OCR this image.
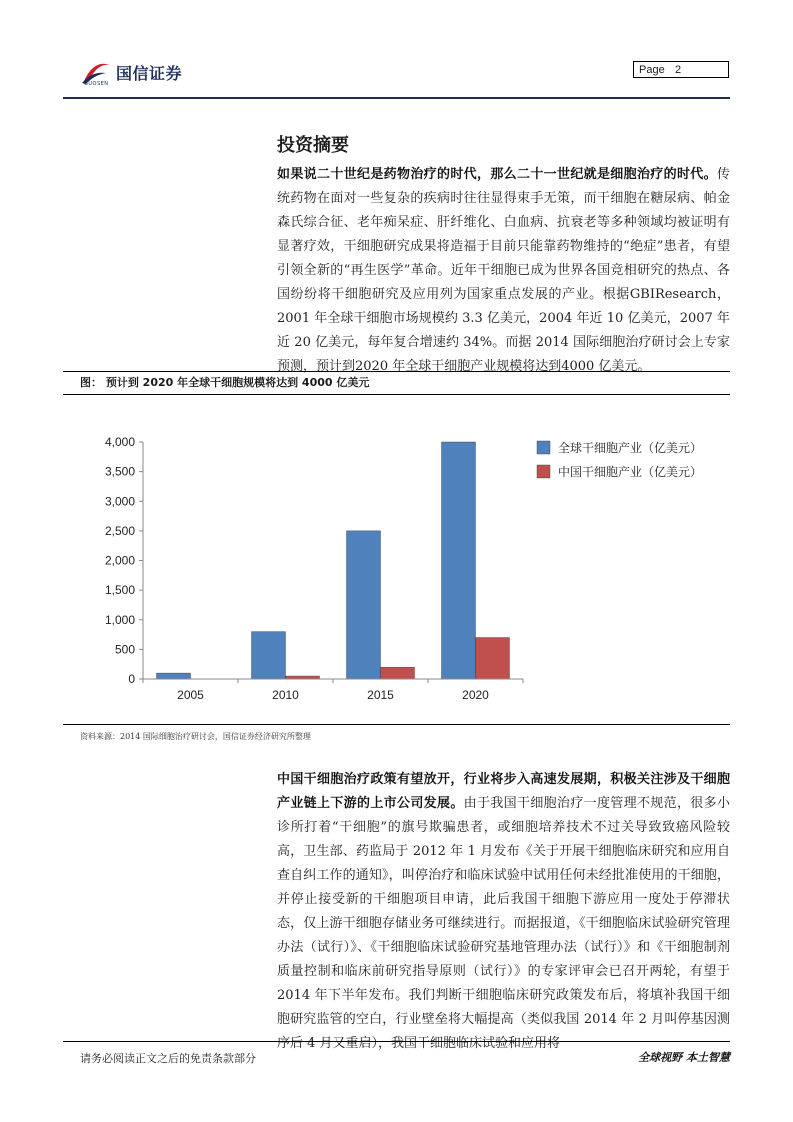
国信证券
GUOSEN
Page 2
投资摘要

如果说二十世纪是药物治疗的时代，那么二十一世纪就是细胞治疗的时代。传统药物在面对一些复杂的疾病时往往显得束手无策，而干细胞在糖尿病、帕金森氏综合征、老年痴呆症、肝纤维化、白血病、抗衰老等多种领域均被证明有显著疗效，干细胞研究成果将造福于目前只能靠药物维持的“绝症”患者，有望引领全新的“再生医学”革命。近年干细胞已成为世界各国竞相研究的热点、各国纷纷将干细胞研究及应用列为国家重点发展的产业。根据GBIResearch，2001 年全球干细胞市场规模约 3.3 亿美元，2004 年近 10 亿美元，2007 年近 20 亿美元，每年复合增速约 34%。而据 2014 国际细胞治疗研讨会上专家预测，预计到2020 年全球干细胞产业规模将达到4000 亿美元。

图： 预计到 2020 年全球干细胞规模将达到 4000 亿美元
0
500
1,000
1,500
2,000
2,500
3,000
3,500
4,000
2005	2010	2015	2020
全球干细胞产业（亿美元）
中国干细胞产业（亿美元）
资料来源：2014 国际细胞治疗研讨会，国信证券经济研究所整理

中国干细胞治疗政策有望放开，行业将步入高速发展期，积极关注涉及干细胞产业链上下游的上市公司发展。由于我国干细胞治疗一度管理不规范，很多小诊所打着“干细胞”的旗号欺骗患者，或细胞培养技术不过关导致致癌风险较高，卫生部、药监局于 2012 年 1 月发布《关于开展干细胞临床研究和应用自查自纠工作的通知》，叫停治疗和临床试验中试用任何未经批准使用的干细胞，并停止接受新的干细胞项目申请，此后我国干细胞下游应用一度处于停滞状态，仅上游干细胞存储业务可继续进行。而据报道，《干细胞临床试验研究管理办法（试行）》、《干细胞临床试验研究基地管理办法（试行）》和《干细胞制剂质量控制和临床前研究指导原则（试行）》的专家评审会已召开两轮，有望于 2014 年下半年发布。我们判断干细胞临床研究政策发布后，将填补我国干细胞研究监管的空白，行业壁垒将大幅提高（类似我国 2014 年 2 月叫停基因测序后 4 月又重启），我国干细胞临床试验和应用将

请务必阅读正文之后的免责条款部分	全球视野 本土智慧
